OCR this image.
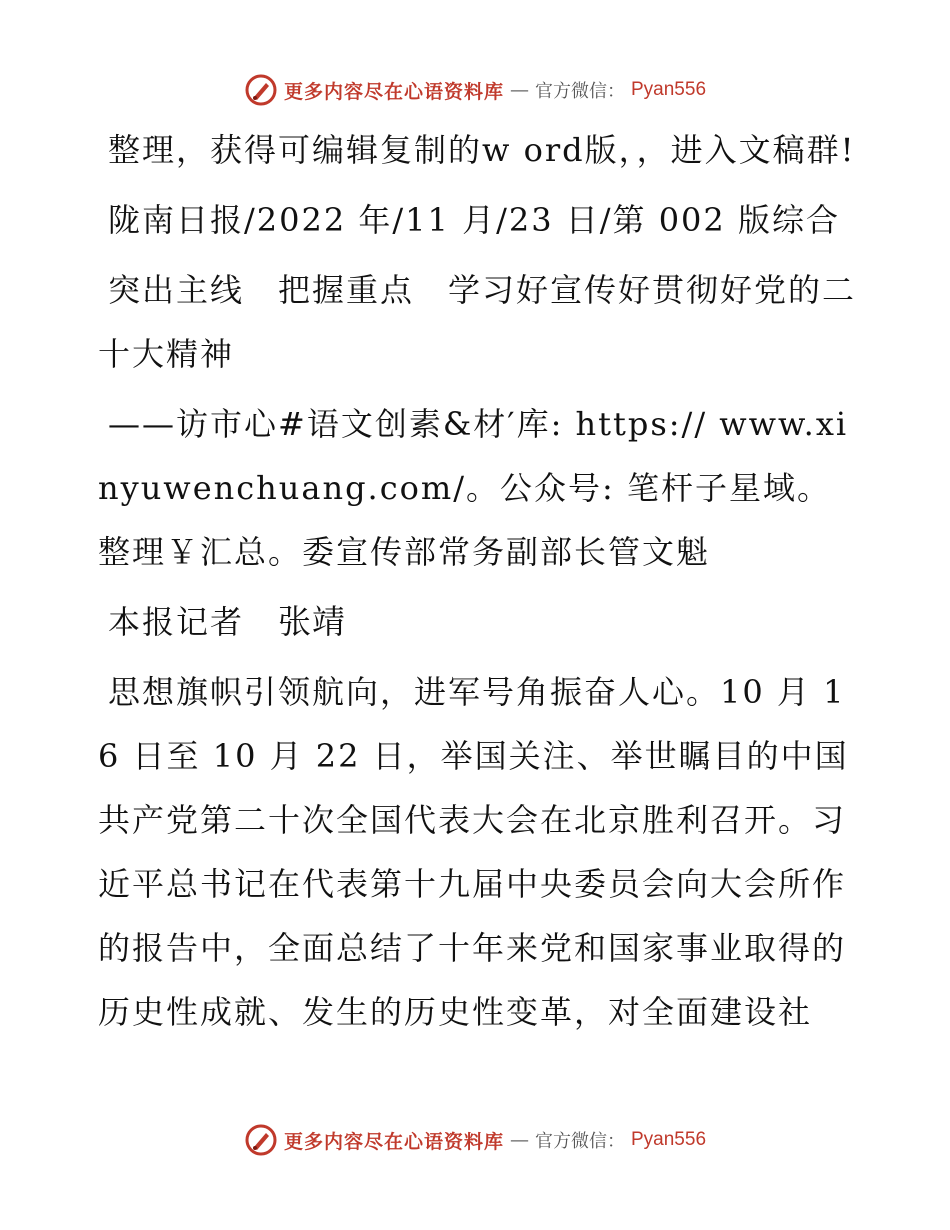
更多内容尽在心语资料库 — 官方微信： Pyan556

整理，获得可编辑复制的w ord版，，进入文稿群!

陇南日报/2022 年/11 月/23 日/第 002 版综合

突出主线　把握重点　学习好宣传好贯彻好党的二十大精神

——访市心#语文创素&材′库: https:// www.xinyuwenchuang.com/。公众号: 笔杆子星域。整理￥汇总。委宣传部常务副部长管文魁

本报记者　张靖

思想旗帜引领航向，进军号角振奋人心。10 月 16 日至 10 月 22 日，举国关注、举世瞩目的中国共产党第二十次全国代表大会在北京胜利召开。习近平总书记在代表第十九届中央委员会向大会所作的报告中，全面总结了十年来党和国家事业取得的历史性成就、发生的历史性变革，对全面建设社

更多内容尽在心语资料库 — 官方微信： Pyan556
